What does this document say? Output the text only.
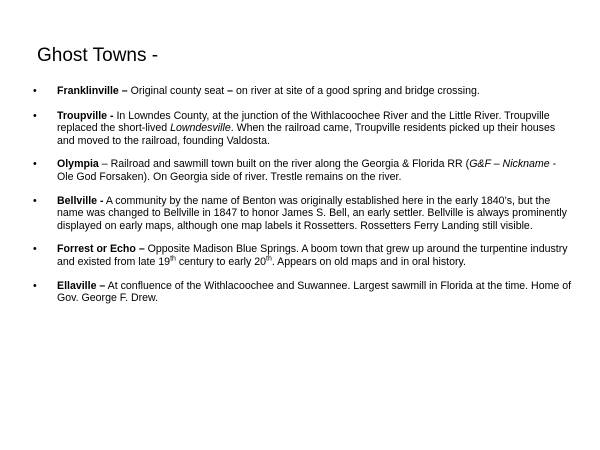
Ghost Towns -
• Franklinville – Original county seat – on river at site of a good spring and bridge crossing.
• Troupville - In Lowndes County, at the junction of the Withlacoochee River and the Little River. Troupville replaced the short-lived Lowndesville. When the railroad came, Troupville residents picked up their houses and moved to the railroad, founding Valdosta.
• Olympia – Railroad and sawmill town built on the river along the Georgia & Florida RR (G&F – Nickname - Ole God Forsaken). On Georgia side of river. Trestle remains on the river.
• Bellville - A community by the name of Benton was originally established here in the early 1840’s, but the name was changed to Bellville in 1847 to honor James S. Bell, an early settler. Bellville is always prominently displayed on early maps, although one map labels it Rossetters. Rossetters Ferry Landing still visible.
• Forrest or Echo – Opposite Madison Blue Springs. A boom town that grew up around the turpentine industry and existed from late 19th century to early 20th. Appears on old maps and in oral history.
• Ellaville – At confluence of the Withlacoochee and Suwannee. Largest sawmill in Florida at the time. Home of Gov. George F. Drew.
